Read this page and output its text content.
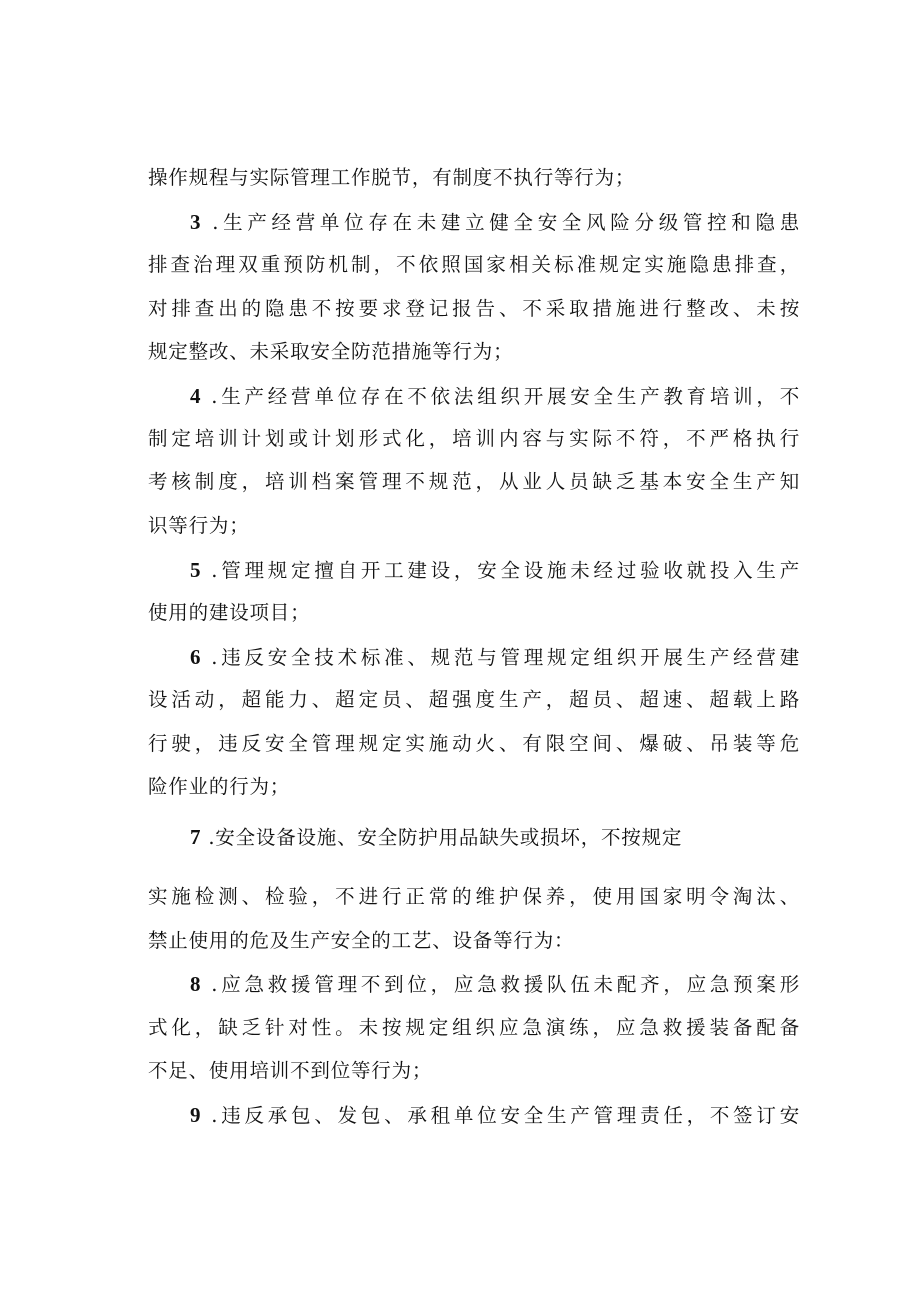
操作规程与实际管理工作脱节，有制度不执行等行为；
3 .生产经营单位存在未建立健全安全风险分级管控和隐患
排查治理双重预防机制，不依照国家相关标准规定实施隐患排查，
对排查出的隐患不按要求登记报告、不采取措施进行整改、未按
规定整改、未采取安全防范措施等行为；
4 .生产经营单位存在不依法组织开展安全生产教育培训，不
制定培训计划或计划形式化，培训内容与实际不符，不严格执行
考核制度，培训档案管理不规范，从业人员缺乏基本安全生产知
识等行为；
5 .管理规定擅自开工建设，安全设施未经过验收就投入生产
使用的建设项目；
6 .违反安全技术标准、规范与管理规定组织开展生产经营建
设活动，超能力、超定员、超强度生产，超员、超速、超载上路
行驶，违反安全管理规定实施动火、有限空间、爆破、吊装等危
险作业的行为；
7 .安全设备设施、安全防护用品缺失或损坏，不按规定
实施检测、检验，不进行正常的维护保养，使用国家明令淘汰、
禁止使用的危及生产安全的工艺、设备等行为：
8 .应急救援管理不到位，应急救援队伍未配齐，应急预案形
式化，缺乏针对性。未按规定组织应急演练，应急救援装备配备
不足、使用培训不到位等行为；
9 .违反承包、发包、承租单位安全生产管理责任，不签订安
